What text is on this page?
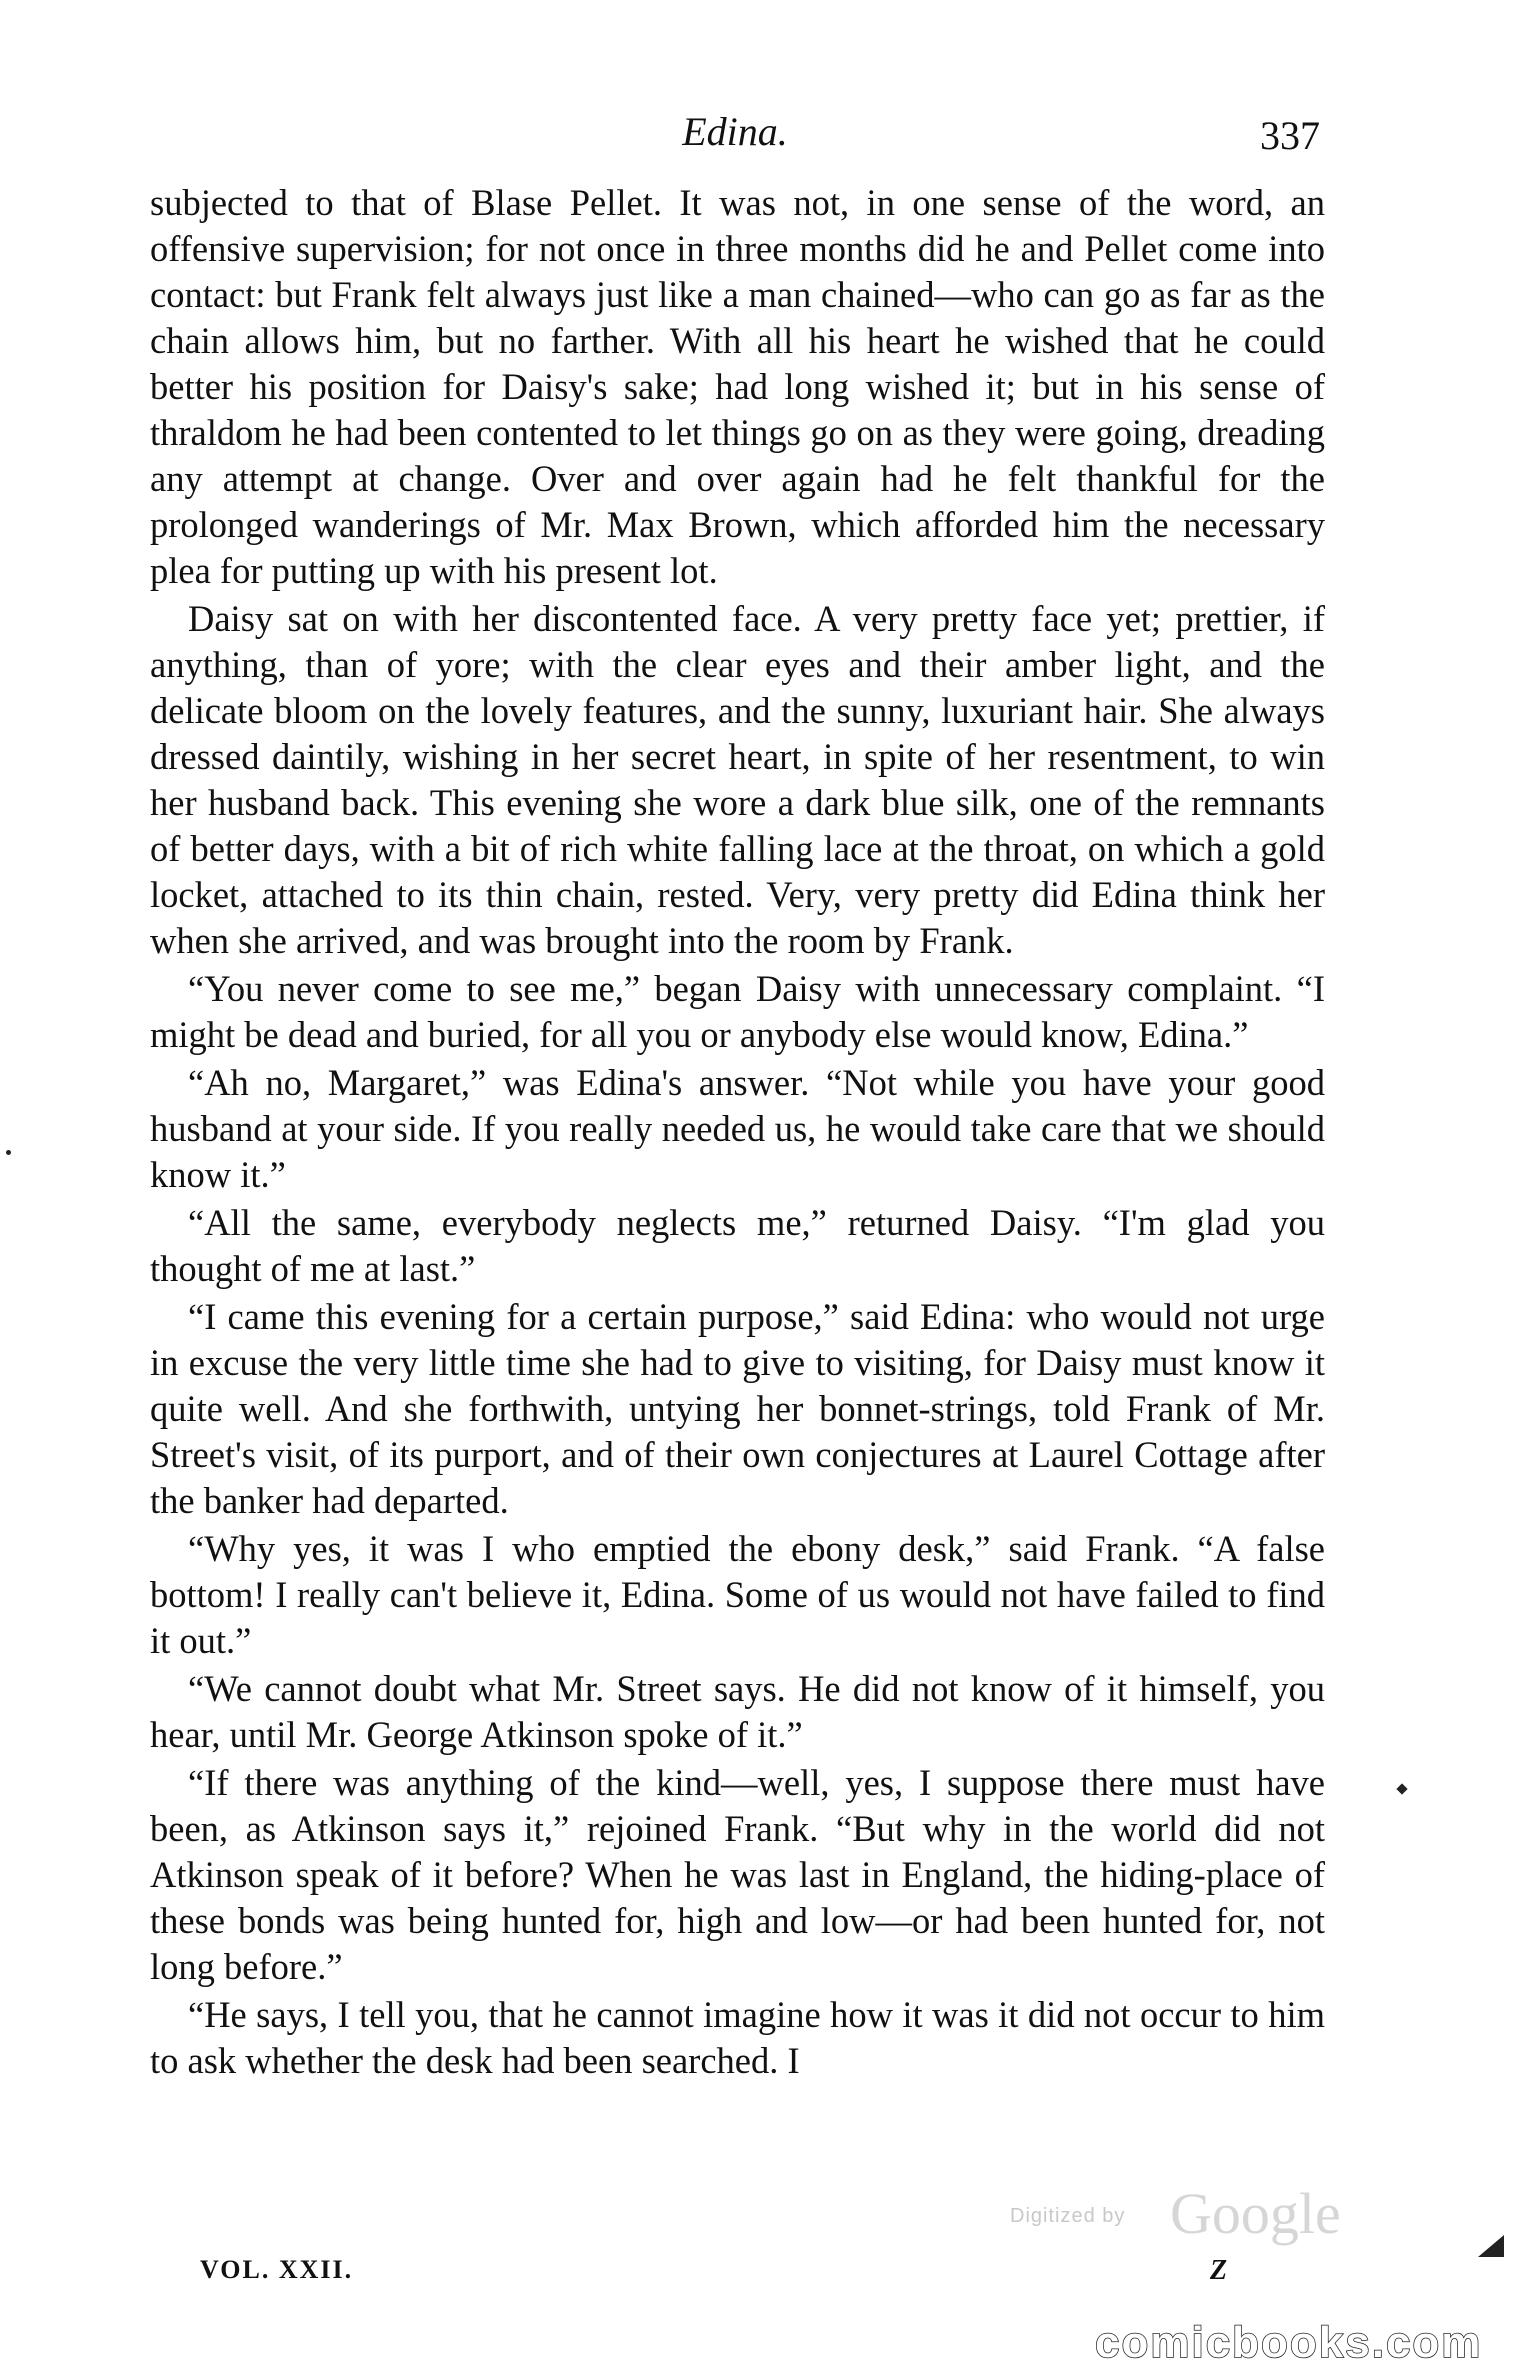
Edina.	337

subjected to that of Blase Pellet. It was not, in one sense of the word, an offensive supervision; for not once in three months did he and Pellet come into contact: but Frank felt always just like a man chained—who can go as far as the chain allows him, but no farther. With all his heart he wished that he could better his position for Daisy's sake; had long wished it; but in his sense of thraldom he had been contented to let things go on as they were going, dreading any attempt at change. Over and over again had he felt thankful for the prolonged wanderings of Mr. Max Brown, which afforded him the necessary plea for putting up with his present lot.

Daisy sat on with her discontented face. A very pretty face yet; prettier, if anything, than of yore; with the clear eyes and their amber light, and the delicate bloom on the lovely features, and the sunny, luxuriant hair. She always dressed daintily, wishing in her secret heart, in spite of her resentment, to win her husband back. This evening she wore a dark blue silk, one of the remnants of better days, with a bit of rich white falling lace at the throat, on which a gold locket, attached to its thin chain, rested. Very, very pretty did Edina think her when she arrived, and was brought into the room by Frank.

“You never come to see me,” began Daisy with unnecessary complaint. “I might be dead and buried, for all you or anybody else would know, Edina.”

“Ah no, Margaret,” was Edina's answer. “Not while you have your good husband at your side. If you really needed us, he would take care that we should know it.”

“All the same, everybody neglects me,” returned Daisy. “I'm glad you thought of me at last.”

“I came this evening for a certain purpose,” said Edina: who would not urge in excuse the very little time she had to give to visiting, for Daisy must know it quite well. And she forthwith, untying her bonnet-strings, told Frank of Mr. Street's visit, of its purport, and of their own conjectures at Laurel Cottage after the banker had departed.

“Why yes, it was I who emptied the ebony desk,” said Frank. “A false bottom! I really can't believe it, Edina. Some of us would not have failed to find it out.”

“We cannot doubt what Mr. Street says. He did not know of it himself, you hear, until Mr. George Atkinson spoke of it.”

“If there was anything of the kind—well, yes, I suppose there must have been, as Atkinson says it,” rejoined Frank. “But why in the world did not Atkinson speak of it before? When he was last in England, the hiding-place of these bonds was being hunted for, high and low—or had been hunted for, not long before.”

“He says, I tell you, that he cannot imagine how it was it did not occur to him to ask whether the desk had been searched. I

Digitized by Google
VOL. XXII.	Z
comicbooks.com
